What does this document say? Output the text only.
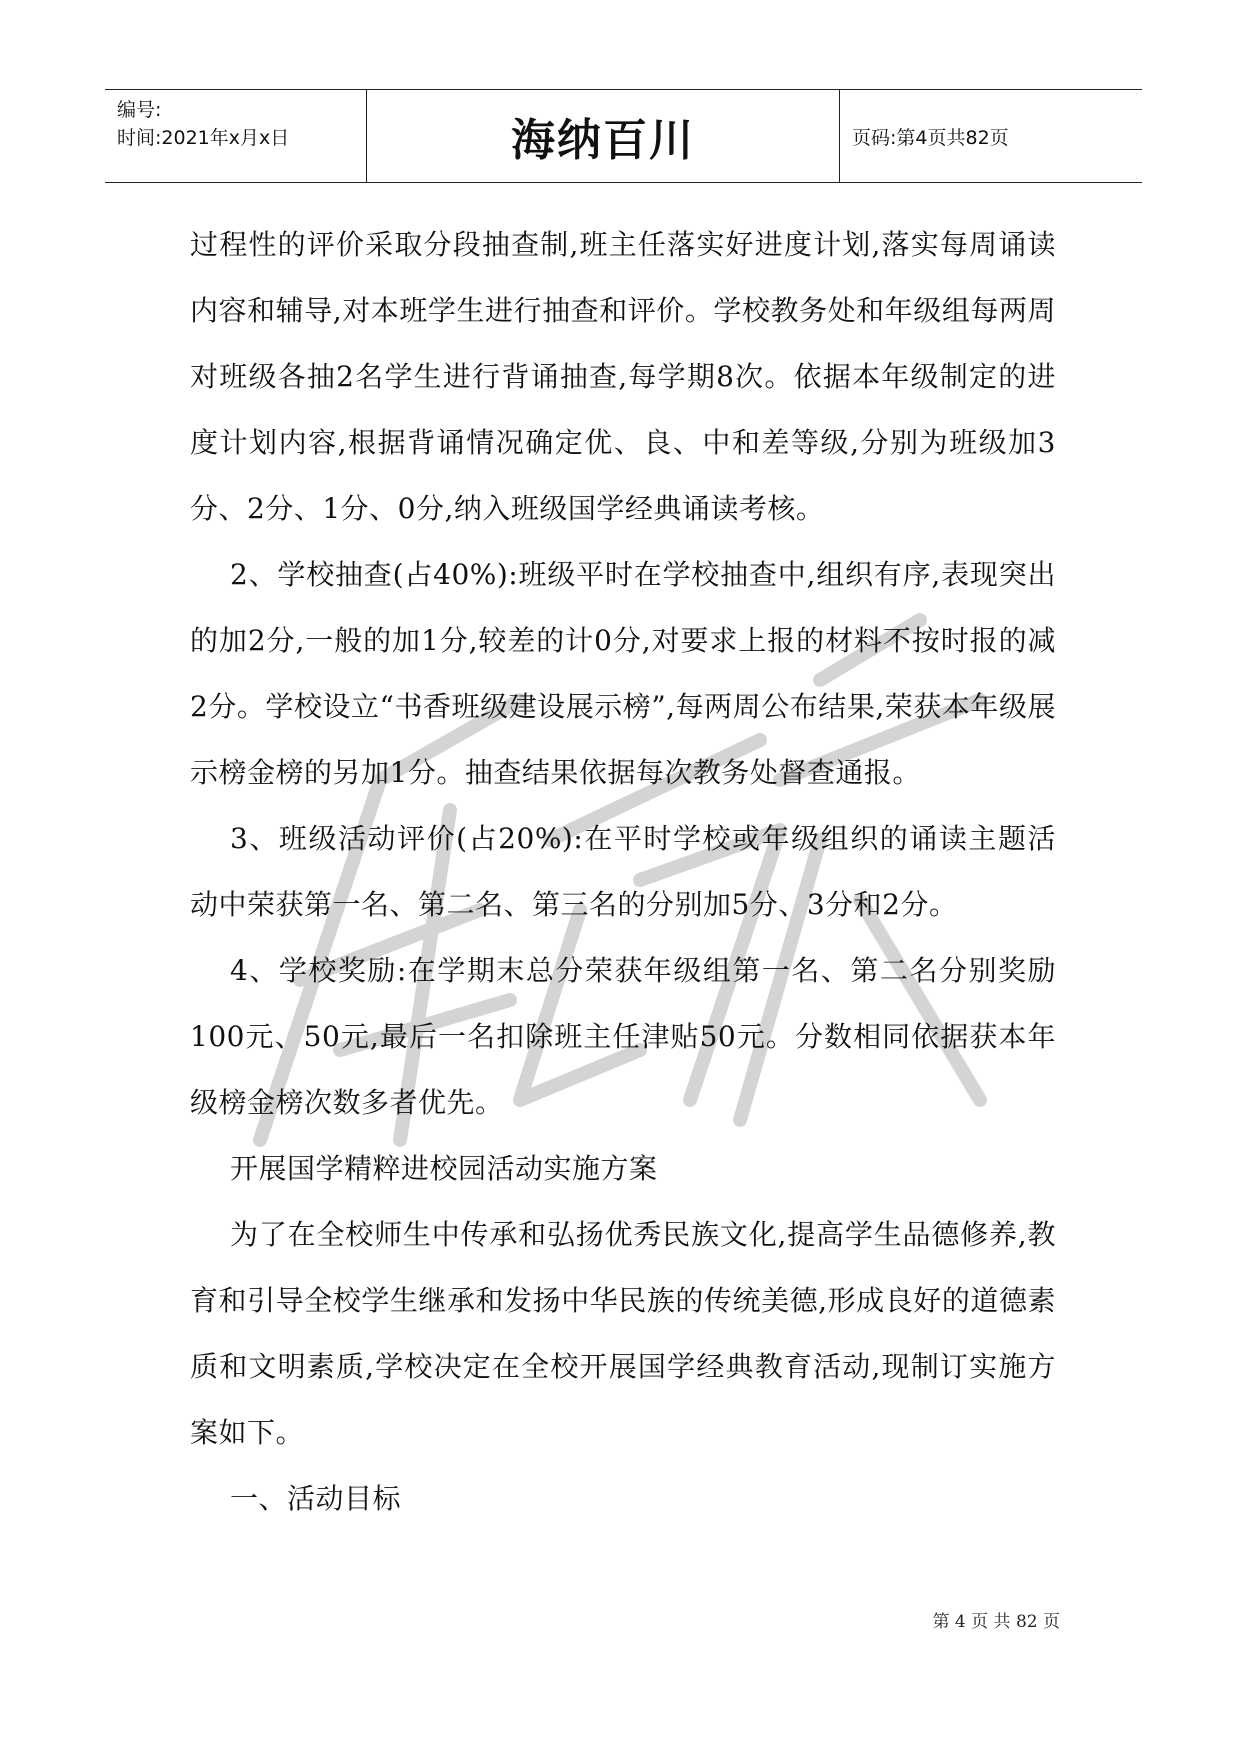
编号:
时间:2021年x月x日	海纳百川	页码:第4页共82页

过程性的评价采取分段抽查制,班主任落实好进度计划,落实每周诵读内容和辅导,对本班学生进行抽查和评价。学校教务处和年级组每两周对班级各抽2名学生进行背诵抽查,每学期8次。依据本年级制定的进度计划内容,根据背诵情况确定优、良、中和差等级,分别为班级加3分、2分、1分、0分,纳入班级国学经典诵读考核。

2、学校抽查(占40%):班级平时在学校抽查中,组织有序,表现突出的加2分,一般的加1分,较差的计0分,对要求上报的材料不按时报的减2分。学校设立“书香班级建设展示榜”,每两周公布结果,荣获本年级展示榜金榜的另加1分。抽查结果依据每次教务处督查通报。

3、班级活动评价(占20%):在平时学校或年级组织的诵读主题活动中荣获第一名、第二名、第三名的分别加5分、3分和2分。

4、学校奖励:在学期末总分荣获年级组第一名、第二名分别奖励100元、50元,最后一名扣除班主任津贴50元。分数相同依据获本年级榜金榜次数多者优先。

开展国学精粹进校园活动实施方案

为了在全校师生中传承和弘扬优秀民族文化,提高学生品德修养,教育和引导全校学生继承和发扬中华民族的传统美德,形成良好的道德素质和文明素质,学校决定在全校开展国学经典教育活动,现制订实施方案如下。

一、活动目标

第 4 页 共 82 页
